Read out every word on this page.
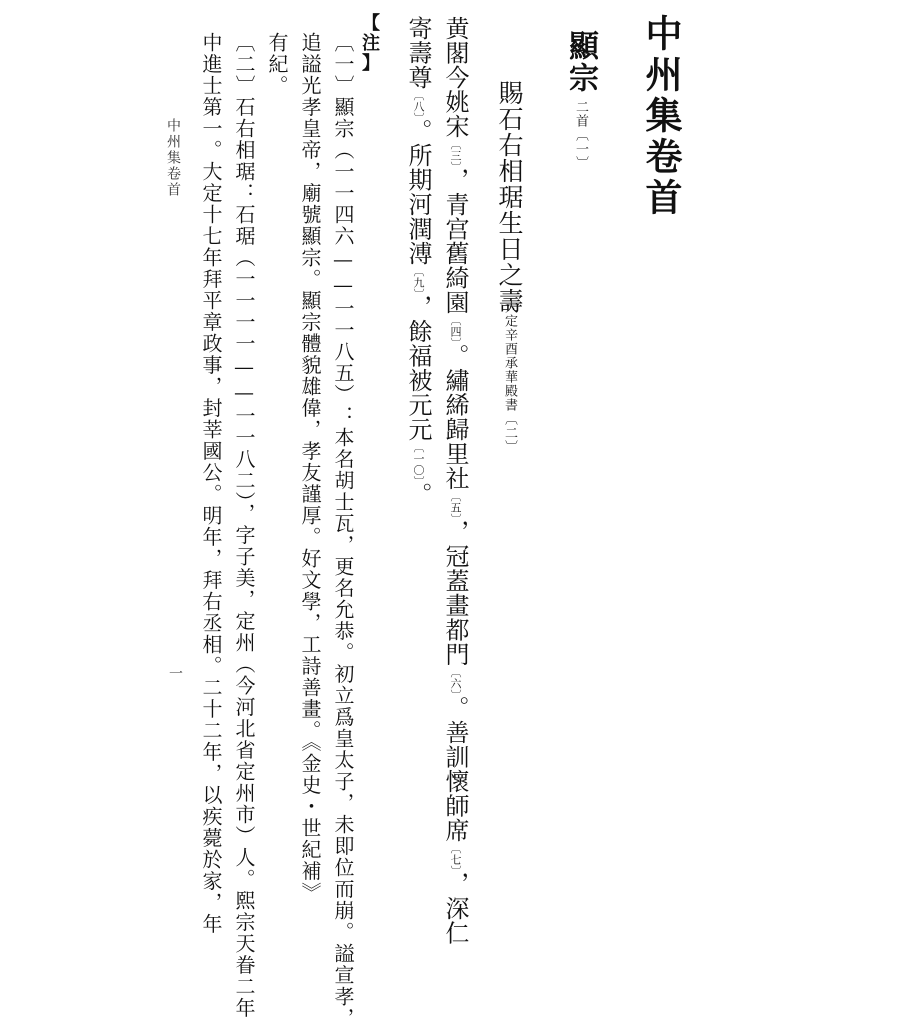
中州集卷首
顯宗
二首〔一〕
賜石右相琚生日之壽
大定辛酉承華殿書〔二〕
黄閣今姚宋〔三〕，青宫舊綺園〔四〕。繡絺歸里社〔五〕，冠蓋畫都門〔六〕。善訓懷師席〔七〕，深仁
寄壽尊〔八〕。所期河潤溥〔九〕，餘福被元元〔一〇〕。
【
注
】
〔一〕顯宗（一一四六——一一八五）：本名胡士瓦，更名允恭。初立爲皇太子，未即位而崩。謚宣孝，
追謚光孝皇帝，廟號顯宗。顯宗體貌雄偉，孝友謹厚。好文學，工詩善畫。《金史・世紀補》
有紀。
〔二〕石右相琚：石琚（一一一一——一一八二），字子美，定州（今河北省定州市）人。熙宗天眷二年
中進士第一。大定十七年拜平章政事，封莘國公。明年，拜右丞相。二十二年，以疾薨於家，年
中州集卷首
一
